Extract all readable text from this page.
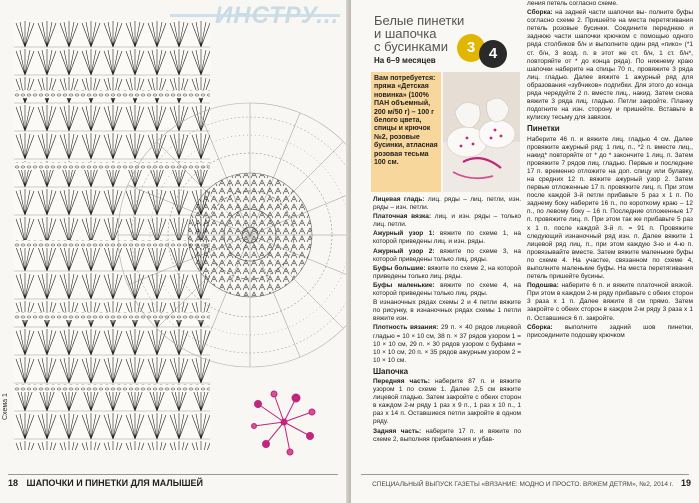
ИНСТРУ...
Схема 1
18 ШАПОЧКИ И ПИНЕТКИ ДЛЯ МАЛЫШЕЙ
Белые пинетки
и шапочка
с бусинками
На 6–9 месяцев
3 4
Вам потребуется: пряжа «Детская новинка» (100% ПАН объемный, 200 м/50 г) – 100 г белого цвета, спицы и крючок №2, розовые бусинки, атласная розовая тесьма 100 см.

Лицевая гладь: лиц. ряды – лиц. петли, изн. ряды – изн. петли.

Платочная вязка: лиц. и изн. ряды – только лиц. петли.

Ажурный узор 1: вяжите по схеме 1, на которой приведены лиц. и изн. ряды.

Ажурный узор 2: вяжите по схеме 3, на которой приведены только лиц. ряды.

Буфы большие: вяжите по схеме 2, на которой приведены только лиц. ряды.

Буфы маленькие: вяжите по схеме 4, на которой приведены только лиц. ряды.

В изнаночных рядах схемы 2 и 4 петли вяжите по рисунку, в изнаночных рядах схемы 1 петли вяжите изн.

Плотность вязания: 29 п. × 40 рядов лицевой гладью = 10 × 10 см, 38 п. × 37 рядов узором 1 = 10 × 10 см, 29 п. × 30 рядов узором с буфами = 10 × 10 см, 20 п. × 35 рядов ажурным узором 2 = 10 × 10 см.

Шапочка

Передняя часть: наберите 87 п. и вяжите узором 1 по схеме 1. Далее 2,5 см вяжите лицевой гладью. Затем закройте с обеих сторон в каждом 2-м ряду 1 раз x 9 п., 1 раз x 10 п., 1 раз x 14 п. Оставшиеся петли закройте в одном ряду.

Задняя часть: наберите 17 п. и вяжите по схеме 2, выполняя прибавления и убав-

ления петель согласно схеме.

Сборка: на задней части шапочки вы- полните буфы согласно схеме 2. Пришейте на места перетягивания петель розовые бусинки. Соедините переднюю и заднюю части шапочки крючком с помощью одного ряда столбиков б/н и выполните один ряд «пико» (*1 ст. б/н, 3 возд. п. в этот же ст. б/н, 1 ст. б/н*, повторяйте от * до конца ряда). По нижнему краю шапочки наберите на спицы 70 п., провяжите 3 ряда лиц. гладью. Далее вяжите 1 ажурный ряд для образования «зубчиков» подгибки. Для этого до конца ряда чередуйте 2 п. вместе лиц., накид. Затем снова вяжите 3 ряда лиц. гладью. Петли закройте. Планку подогните на изн. сторону и пришейте. Вставьте в кулиску тесьму для завязок.

Пинетки

Наберите 46 п. и вяжите лиц. гладью 4 см. Далее провяжите ажурный ряд: 1 лиц. п., *2 п. вместе лиц., накид* повторяйте от * до * закончите 1 лиц. п. Затем провяжите 7 рядов лиц. гладью. Первые и последние 17 п. временно отложите на доп. спицу или булавку, на средних 12 п. вяжите ажурный узор 2. Затем первые отложенные 17 п. провяжите лиц. п. При этом после каждой 3-й петли прибавьте 5 раз x 1 п. По заднему боку наберите 16 п., по короткому краю – 12 п., по левому боку – 16 п. Последние отложенные 17 п. провяжите лиц. п. При этом так же прибавьте 5 раз x 1 п. после каждой 3-й п. = 91 п. Провяжите следующий изнаночный ряд изн. п. Далее вяжите 1 лицевой ряд лиц. п., при этом каждую 3-ю и 4-ю п. провязывайте вместе. Затем вяжите маленькие буфы по схеме 4. На участке, связанном по схеме 4, выполните маленькие буфы. На места перетягивания петель пришейте бусины.

Подошва: наберите 6 п. и вяжите платочной вязкой. При этом в каждом 2-м ряду прибавьте с обеих сторон 3 раза x 1 п. Далее вяжите 8 см прямо. Затем закройте с обеих сторон в каждом 2-м ряду 3 раза x 1 п. Оставшиеся 6 п. закройте.

Сборка: выполните задний шов пинетки, присоедините подошву крючком

СПЕЦИАЛЬНЫЙ ВЫПУСК ГАЗЕТЫ «ВЯЗАНИЕ: МОДНО И ПРОСТО. ВЯЖЕМ ДЕТЯМ», №2, 2014 г. 19
